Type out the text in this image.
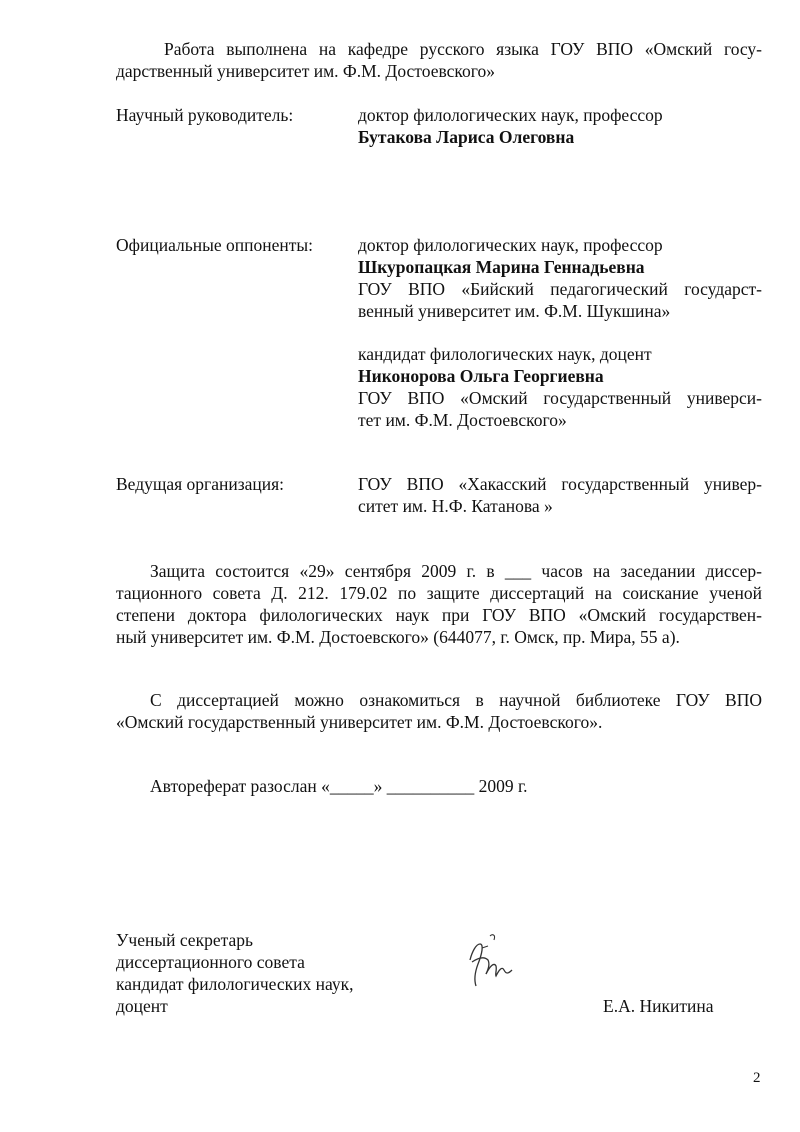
Работа выполнена на кафедре русского языка ГОУ ВПО «Омский госу-
дарственный университет им. Ф.М. Достоевского»
Научный руководитель:	доктор филологических наук, профессор
Бутакова Лариса Олеговна
Официальные оппоненты:	доктор филологических наук, профессор
Шкуропацкая Марина Геннадьевна
ГОУ ВПО «Бийский педагогический государст-
венный университет им. Ф.М. Шукшина»
кандидат филологических наук, доцент
Никонорова Ольга Георгиевна
ГОУ ВПО «Омский государственный универси-
тет им. Ф.М. Достоевского»
Ведущая организация:	ГОУ ВПО «Хакасский государственный универ-
ситет им. Н.Ф. Катанова »
Защита состоится «29» сентября 2009 г. в ___ часов на заседании диссер-
тационного совета Д. 212. 179.02 по защите диссертаций на соискание ученой
степени доктора филологических наук при ГОУ ВПО «Омский государствен-
ный университет им. Ф.М. Достоевского» (644077, г. Омск, пр. Мира, 55 а).
С диссертацией можно ознакомиться в научной библиотеке ГОУ ВПО
«Омский государственный университет им. Ф.М. Достоевского».
Автореферат разослан «_____» __________ 2009 г.
Ученый секретарь
диссертационного совета
кандидат филологических наук,
доцент	Е.А. Никитина
2
